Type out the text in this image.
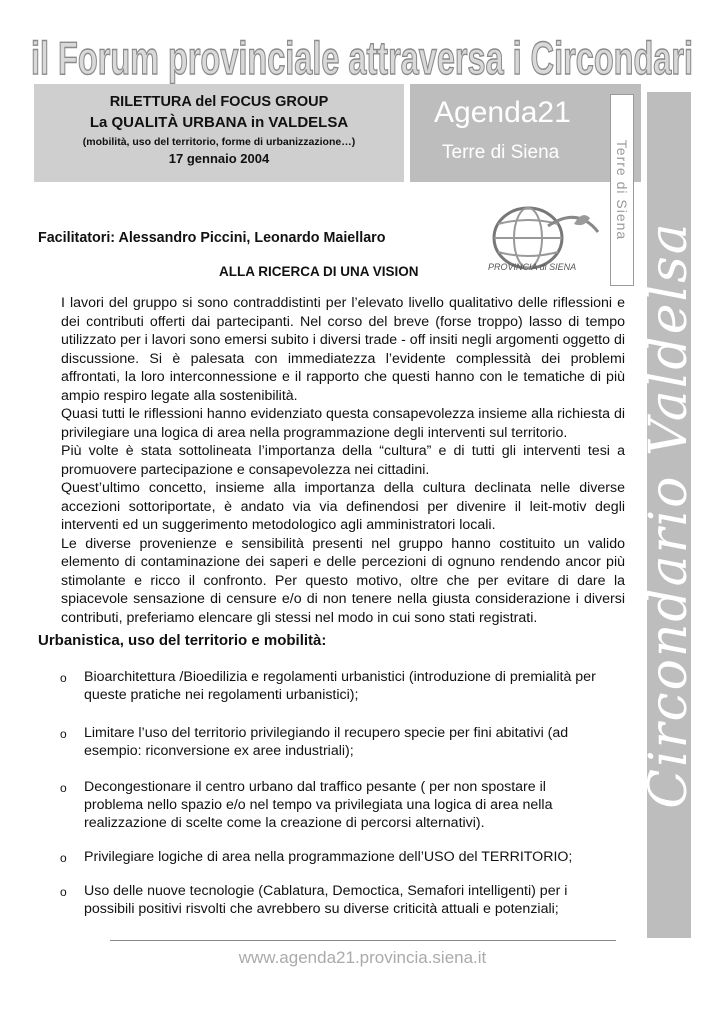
il Forum provinciale attraversa i Circondari
RILETTURA del FOCUS GROUP
La QUALITÀ URBANA in VALDELSA
(mobilità, uso del territorio, forme di urbanizzazione…)
17 gennaio 2004
Agenda21
Terre di Siena	Terre di Siena
Circondario Valdelsa
PROVINCIA di SIENA
Facilitatori: Alessandro Piccini, Leonardo Maiellaro
ALLA RICERCA DI UNA VISION

I lavori del gruppo si sono contraddistinti per l’elevato livello qualitativo delle riflessioni e dei contributi offerti dai partecipanti. Nel corso del breve (forse troppo) lasso di tempo utilizzato per i lavori sono emersi subito i diversi trade - off insiti negli argomenti oggetto di discussione. Si è palesata con immediatezza l’evidente complessità dei problemi affrontati, la loro interconnessione e il rapporto che questi hanno con le tematiche di più ampio respiro legate alla sostenibilità.

Quasi tutti le riflessioni hanno evidenziato questa consapevolezza insieme alla richiesta di privilegiare una logica di area nella programmazione degli interventi sul territorio.

Più volte è stata sottolineata l’importanza della “cultura” e di tutti gli interventi tesi a promuovere partecipazione e consapevolezza nei cittadini.

Quest’ultimo concetto, insieme alla importanza della cultura declinata nelle diverse accezioni sottoriportate, è andato via via definendosi per divenire il leit-motiv degli interventi ed un suggerimento metodologico agli amministratori locali.

Le diverse provenienze e sensibilità presenti nel gruppo hanno costituito un valido elemento di contaminazione dei saperi e delle percezioni di ognuno rendendo ancor più stimolante e ricco il confronto. Per questo motivo, oltre che per evitare di dare la spiacevole sensazione di censure e/o di non tenere nella giusta considerazione i diversi contributi, preferiamo elencare gli stessi nel modo in cui sono stati registrati.

Urbanistica, uso del territorio e mobilità:
o Bioarchitettura /Bioedilizia e regolamenti urbanistici (introduzione di premialità per queste pratiche nei regolamenti urbanistici);
o Limitare l’uso del territorio privilegiando il recupero specie per fini abitativi (ad esempio: riconversione ex aree industriali);
o Decongestionare il centro urbano dal traffico pesante ( per non spostare il problema nello spazio e/o nel tempo va privilegiata una logica di area nella realizzazione di scelte come la creazione di percorsi alternativi).
o Privilegiare logiche di area nella programmazione dell’USO del TERRITORIO;
o Uso delle nuove tecnologie (Cablatura, Democtica, Semafori intelligenti) per i possibili positivi risvolti che avrebbero su diverse criticità attuali e potenziali;
www.agenda21.provincia.siena.it
